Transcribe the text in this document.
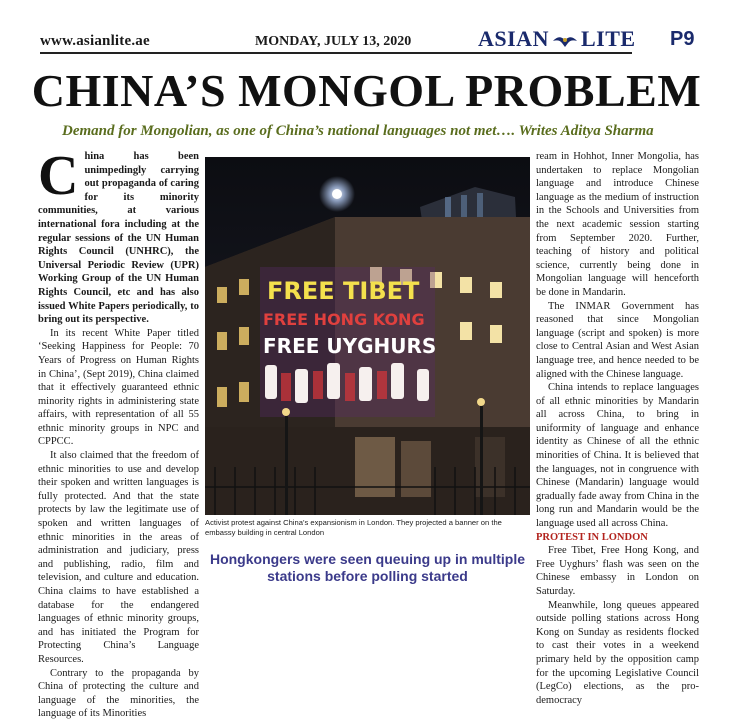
www.asianlite.ae	MONDAY, JULY 13, 2020	ASIAN LITE P9
CHINA’S MONGOL PROBLEM
Demand for Mongolian, as one of China’s national languages not met…. Writes Aditya Sharma

China has been unimpedingly carrying out propaganda of caring for its minority communities, at various international fora including at the regular sessions of the UN Human Rights Council (UNHRC), the Universal Periodic Review (UPR) Working Group of the UN Human Rights Council, etc and has also issued White Papers periodically, to bring out its perspective.

In its recent White Paper titled ‘Seeking Happiness for People: 70 Years of Progress on Human Rights in China’, (Sept 2019), China claimed that it effectively guaranteed ethnic minority rights in administering state affairs, with representation of all 55 ethnic minority groups in NPC and CPPCC.

It also claimed that the freedom of ethnic minorities to use and develop their spoken and written languages is fully protected. And that the state protects by law the legitimate use of spoken and written languages of ethnic minorities in the areas of administration and judiciary, press and publishing, radio, film and television, and culture and education. China claims to have established a database for the endangered languages of ethnic minority groups, and has initiated the Program for Protecting China’s Language Resources.

Contrary to the propaganda by China of protecting the culture and language of the minorities, the language of its Minorities

FREE TIBET
FREE HONG KONG
FREE UYGHURS
Activist protest against China’s expansionism in London. They projected a banner on the embassy building in central London
Hongkongers were seen queuing up in multiple stations before polling started

ream in Hohhot, Inner Mongolia, has undertaken to replace Mongolian language and introduce Chinese language as the medium of instruction in the Schools and Universities from the next academic session starting from September 2020. Further, teaching of history and political science, currently being done in Mongolian language will henceforth be done in Mandarin.

The INMAR Government has reasoned that since Mongolian language (script and spoken) is more close to Central Asian and West Asian language tree, and hence needed to be aligned with the Chinese language.

China intends to replace languages of all ethnic minorities by Mandarin all across China, to bring in uniformity of language and enhance identity as Chinese of all the ethnic minorities of China. It is believed that the languages, not in congruence with Chinese (Mandarin) language would gradually fade away from China in the long run and Mandarin would be the language used all across China.

PROTEST IN LONDON

Free Tibet, Free Hong Kong, and Free Uyghurs’ flash was seen on the Chinese embassy in London on Saturday.

Meanwhile, long queues appeared outside polling stations across Hong Kong on Sunday as residents flocked to cast their votes in a weekend primary held by the opposition camp for the upcoming Legislative Council (LegCo) elections, as the pro-democracy
